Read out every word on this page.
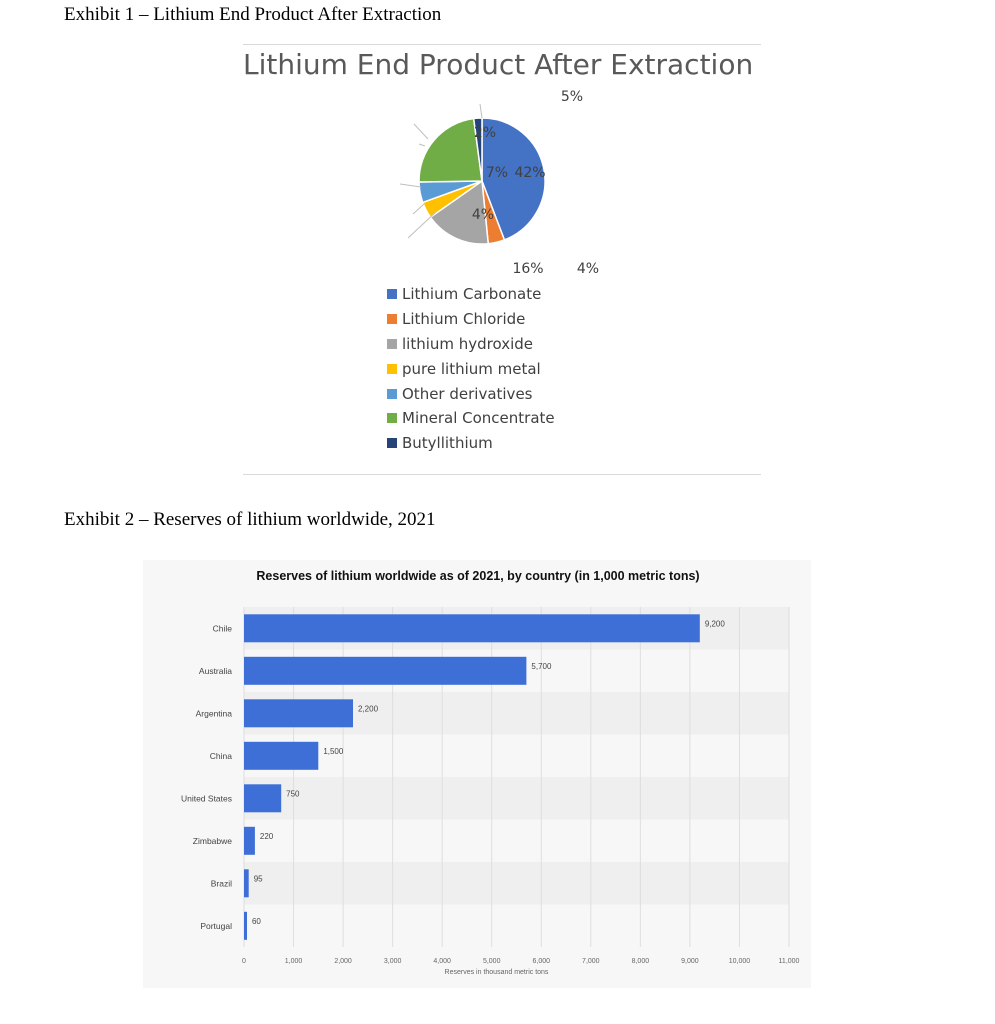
Exhibit 1 – Lithium End Product After Extraction
Lithium End Product After Extraction
5%
2%
7% 42%
4%
16% 4%
Lithium Carbonate
Lithium Chloride
lithium hydroxide
pure lithium metal
Other derivatives
Mineral Concentrate
Butyllithium
Exhibit 2 – Reserves of lithium worldwide, 2021
Reserves of lithium worldwide as of 2021, by country (in 1,000 metric tons)
0	1,000	2,000	3,000	4,000	5,000	6,000	7,000	8,000	9,000	10,000	11,000
Chile	9,200
Australia	5,700
Argentina	2,200
China	1,500
United States	750
Zimbabwe	220
Brazil	95
Portugal 60
Reserves in thousand metric tons
